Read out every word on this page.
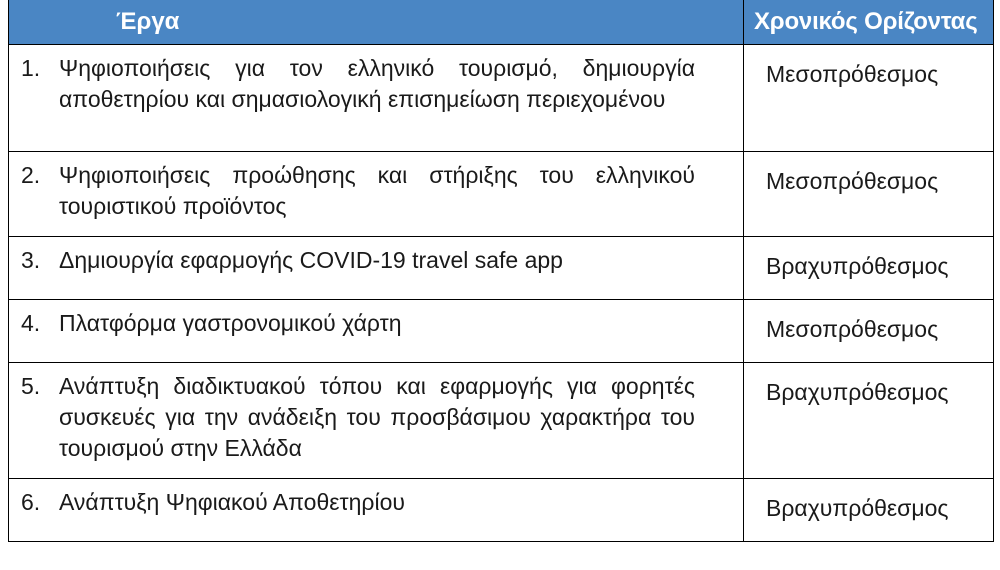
Έργα	Χρονικός Ορίζοντας

1. Ψηφιοποιήσεις για τον ελληνικό τουρισμό, δημιουργία αποθετηρίου και σημασιολογική επισημείωση περιεχομένου	Μεσοπρόθεσμος

2. Ψηφιοποιήσεις προώθησης και στήριξης του ελληνικού τουριστικού προϊόντος	Μεσοπρόθεσμος

3. Δημιουργία εφαρμογής COVID-19 travel safe app	Βραχυπρόθεσμος

4. Πλατφόρμα γαστρονομικού χάρτη	Μεσοπρόθεσμος

5. Ανάπτυξη διαδικτυακού τόπου και εφαρμογής για φορητές συσκευές για την ανάδειξη του προσβάσιμου χαρακτήρα του τουρισμού στην Ελλάδα	Βραχυπρόθεσμος

6. Ανάπτυξη Ψηφιακού Αποθετηρίου	Βραχυπρόθεσμος
